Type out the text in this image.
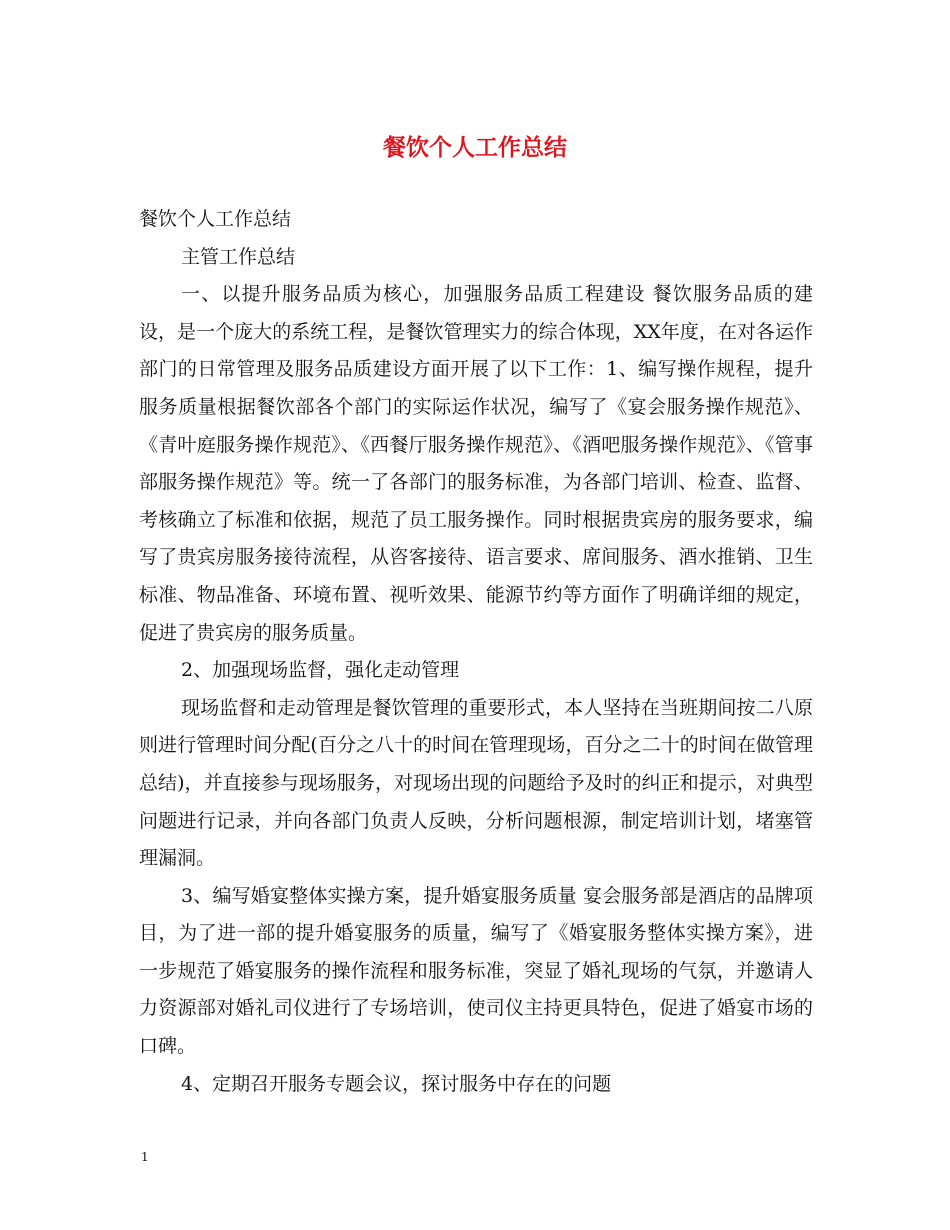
餐饮个人工作总结

餐饮个人工作总结

主管工作总结

一、以提升服务品质为核心，加强服务品质工程建设 餐饮服务品质的建设，是一个庞大的系统工程，是餐饮管理实力的综合体现，XX年度，在对各运作部门的日常管理及服务品质建设方面开展了以下工作：1、编写操作规程，提升服务质量根据餐饮部各个部门的实际运作状况，编写了《宴会服务操作规范》、《青叶庭服务操作规范》、《西餐厅服务操作规范》、《酒吧服务操作规范》、《管事部服务操作规范》等。统一了各部门的服务标准，为各部门培训、检查、监督、考核确立了标准和依据，规范了员工服务操作。同时根据贵宾房的服务要求，编写了贵宾房服务接待流程，从咨客接待、语言要求、席间服务、酒水推销、卫生标准、物品准备、环境布置、视听效果、能源节约等方面作了明确详细的规定，促进了贵宾房的服务质量。

2、加强现场监督，强化走动管理

现场监督和走动管理是餐饮管理的重要形式，本人坚持在当班期间按二八原则进行管理时间分配(百分之八十的时间在管理现场，百分之二十的时间在做管理总结)，并直接参与现场服务，对现场出现的问题给予及时的纠正和提示，对典型问题进行记录，并向各部门负责人反映，分析问题根源，制定培训计划，堵塞管理漏洞。

3、编写婚宴整体实操方案，提升婚宴服务质量 宴会服务部是酒店的品牌项目，为了进一部的提升婚宴服务的质量，编写了《婚宴服务整体实操方案》，进一步规范了婚宴服务的操作流程和服务标准，突显了婚礼现场的气氛，并邀请人力资源部对婚礼司仪进行了专场培训，使司仪主持更具特色，促进了婚宴市场的口碑。

4、定期召开服务专题会议，探讨服务中存在的问题

1
